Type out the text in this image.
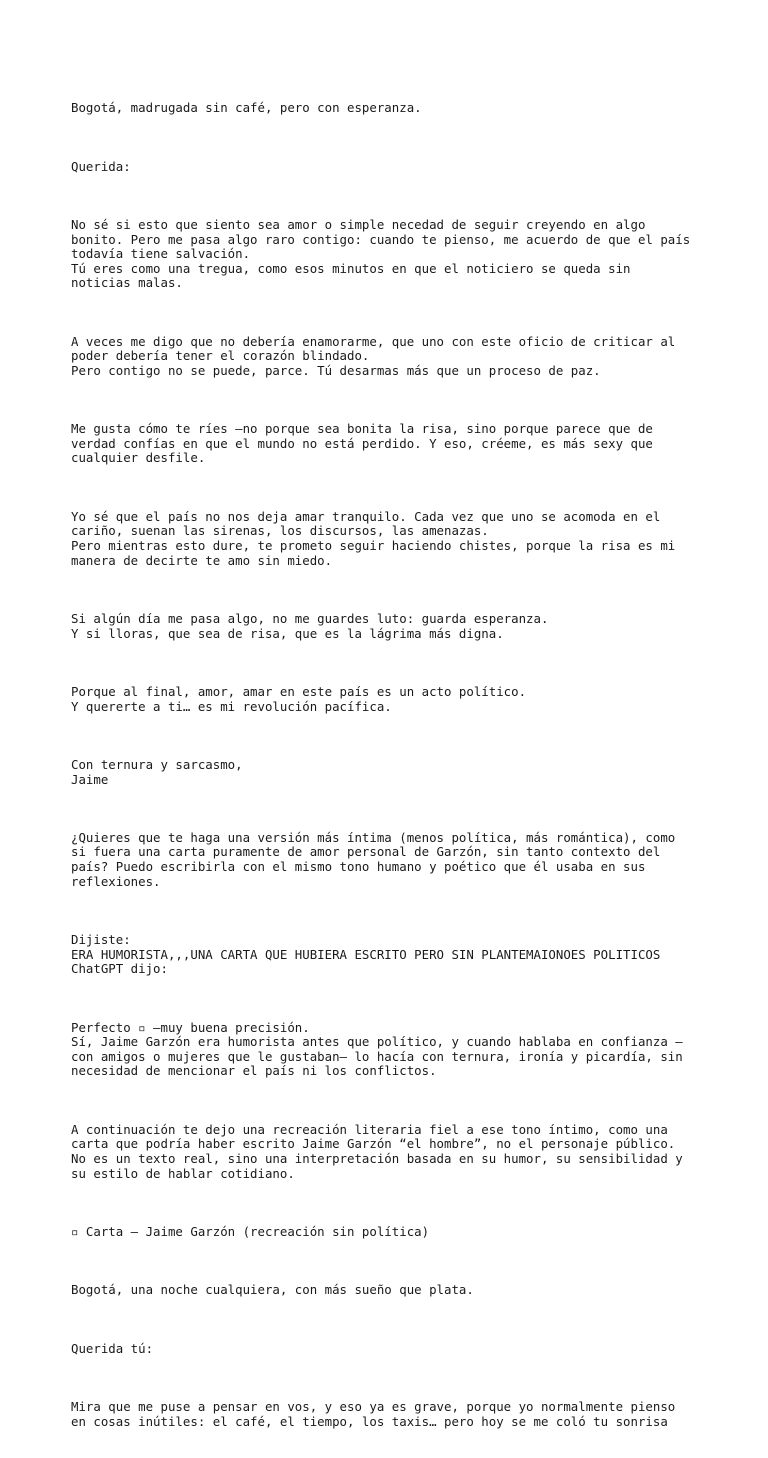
Bogotá, madrugada sin café, pero con esperanza.

Querida:

No sé si esto que siento sea amor o simple necedad de seguir creyendo en algo
bonito. Pero me pasa algo raro contigo: cuando te pienso, me acuerdo de que el país
todavía tiene salvación.
Tú eres como una tregua, como esos minutos en que el noticiero se queda sin
noticias malas.

A veces me digo que no debería enamorarme, que uno con este oficio de criticar al
poder debería tener el corazón blindado.
Pero contigo no se puede, parce. Tú desarmas más que un proceso de paz.

Me gusta cómo te ríes —no porque sea bonita la risa, sino porque parece que de
verdad confías en que el mundo no está perdido. Y eso, créeme, es más sexy que
cualquier desfile.

Yo sé que el país no nos deja amar tranquilo. Cada vez que uno se acomoda en el
cariño, suenan las sirenas, los discursos, las amenazas.
Pero mientras esto dure, te prometo seguir haciendo chistes, porque la risa es mi
manera de decirte te amo sin miedo.

Si algún día me pasa algo, no me guardes luto: guarda esperanza.
Y si lloras, que sea de risa, que es la lágrima más digna.

Porque al final, amor, amar en este país es un acto político.
Y quererte a ti… es mi revolución pacífica.

Con ternura y sarcasmo,
Jaime

¿Quieres que te haga una versión más íntima (menos política, más romántica), como
si fuera una carta puramente de amor personal de Garzón, sin tanto contexto del
país? Puedo escribirla con el mismo tono humano y poético que él usaba en sus
reflexiones.

Dijiste:
ERA HUMORISTA,,,UNA CARTA QUE HUBIERA ESCRITO PERO SIN PLANTEMAIONOES POLITICOS
ChatGPT dijo:

Perfecto ▫ —muy buena precisión.
Sí, Jaime Garzón era humorista antes que político, y cuando hablaba en confianza —
con amigos o mujeres que le gustaban— lo hacía con ternura, ironía y picardía, sin
necesidad de mencionar el país ni los conflictos.

A continuación te dejo una recreación literaria fiel a ese tono íntimo, como una
carta que podría haber escrito Jaime Garzón “el hombre”, no el personaje público.
No es un texto real, sino una interpretación basada en su humor, su sensibilidad y
su estilo de hablar cotidiano.

▫ Carta – Jaime Garzón (recreación sin política)

Bogotá, una noche cualquiera, con más sueño que plata.

Querida tú:

Mira que me puse a pensar en vos, y eso ya es grave, porque yo normalmente pienso
en cosas inútiles: el café, el tiempo, los taxis… pero hoy se me coló tu sonrisa
